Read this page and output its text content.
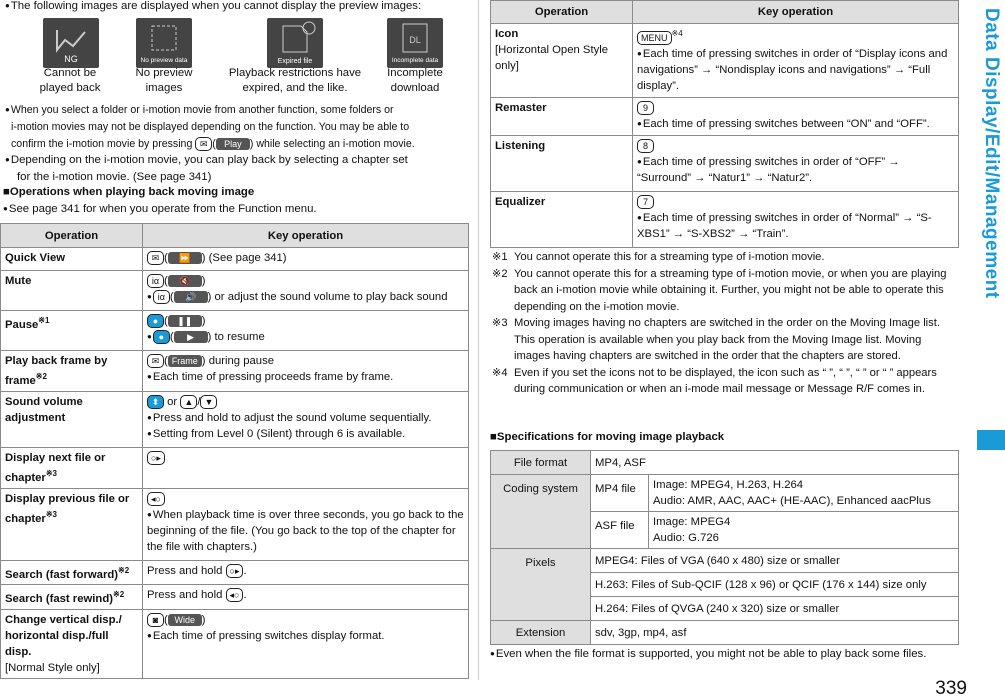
● The following images are displayed when you cannot display the preview images:
NG
Cannot be
played back
No preview data
No preview
images
Expired file
Playback restrictions have
expired, and the like.
DL
Incomplete data
Incomplete
download
● When you select a folder or i-motion movie from another function, some folders or
i-motion movies may not be displayed depending on the function. You may be able to
confirm the i-motion movie by pressing ✉ ( Play ) while selecting an i-motion movie.
● Depending on the i-motion movie, you can play back by selecting a chapter set
for the i-motion movie. (See page 341)
■Operations when playing back moving image
● See page 341 for when you operate from the Function menu.
Operation	Key operation
Quick View	✉ ( ⏩ ) (See page 341)
Mute	iα ( 🔇 )
● iα ( 🔊 ) or adjust the sound volume to play back sound
Pause$^{※1}$	● ( ❚❚ )
● ● ( ▶ ) to resume
Play back frame by frame$^{※2}$	✉ ( Frame ) during pause
● Each time of pressing proceeds frame by frame.
Sound volume adjustment	⬍ or ▲ / ▼
● Press and hold to adjust the sound volume sequentially.
● Setting from Level 0 (Silent) through 6 is available.
Display next file or chapter$^{※3}$	○▸
Display previous file or chapter$^{※3}$	◂○
● When playback time is over three seconds, you go back to the beginning of the file. (You go back to the top of the chapter for the file with chapters.)
Search (fast forward)$^{※2}$	Press and hold ○▸ .
Search (fast rewind)$^{※2}$	Press and hold ◂○ .
Change vertical disp./ horizontal disp./full disp.
[Normal Style only]	◙ ( Wide )
● Each time of pressing switches display format.
Operation	Key operation
Icon
[Horizontal Open Style only]	MENU $^{※4}$
● Each time of pressing switches in order of “Display icons and navigations” → “Nondisplay icons and navigations” → “Full display”.
Remaster	9
● Each time of pressing switches between “ON” and “OFF”.
Listening	8
● Each time of pressing switches in order of “OFF” → “Surround” → “Natur1” → “Natur2”.
Equalizer	7
● Each time of pressing switches in order of “Normal” → “S-XBS1” → “S-XBS2” → “Train”.
※1 You cannot operate this for a streaming type of i-motion movie.
※2 You cannot operate this for a streaming type of i-motion movie, or when you are playing back an i-motion movie while obtaining it. Further, you might not be able to operate this depending on the i-motion movie.
※3 Moving images having no chapters are switched in the order on the Moving Image list. This operation is available when you play back from the Moving Image list. Moving images having chapters are switched in the order that the chapters are stored.
※4 Even if you set the icons not to be displayed, the icon such as “ ”, “ ”, “ ” or “ ” appears during communication or when an i-mode mail message or Message R/F comes in.
■Specifications for moving image playback
File format	MP4, ASF	
Coding system	MP4 file	Image: MPEG4, H.263, H.264
Audio: AMR, AAC, AAC+ (HE-AAC), Enhanced aacPlus
	ASF file	Image: MPEG4
Audio: G.726
Pixels	MPEG4: Files of VGA (640 x 480) size or smaller	
	H.263: Files of Sub-QCIF (128 x 96) or QCIF (176 x 144) size only	
	H.264: Files of QVGA (240 x 320) size or smaller	
Extension	sdv, 3gp, mp4, asf	
● Even when the file format is supported, you might not be able to play back some files.
Data Display/Edit/Management
339
